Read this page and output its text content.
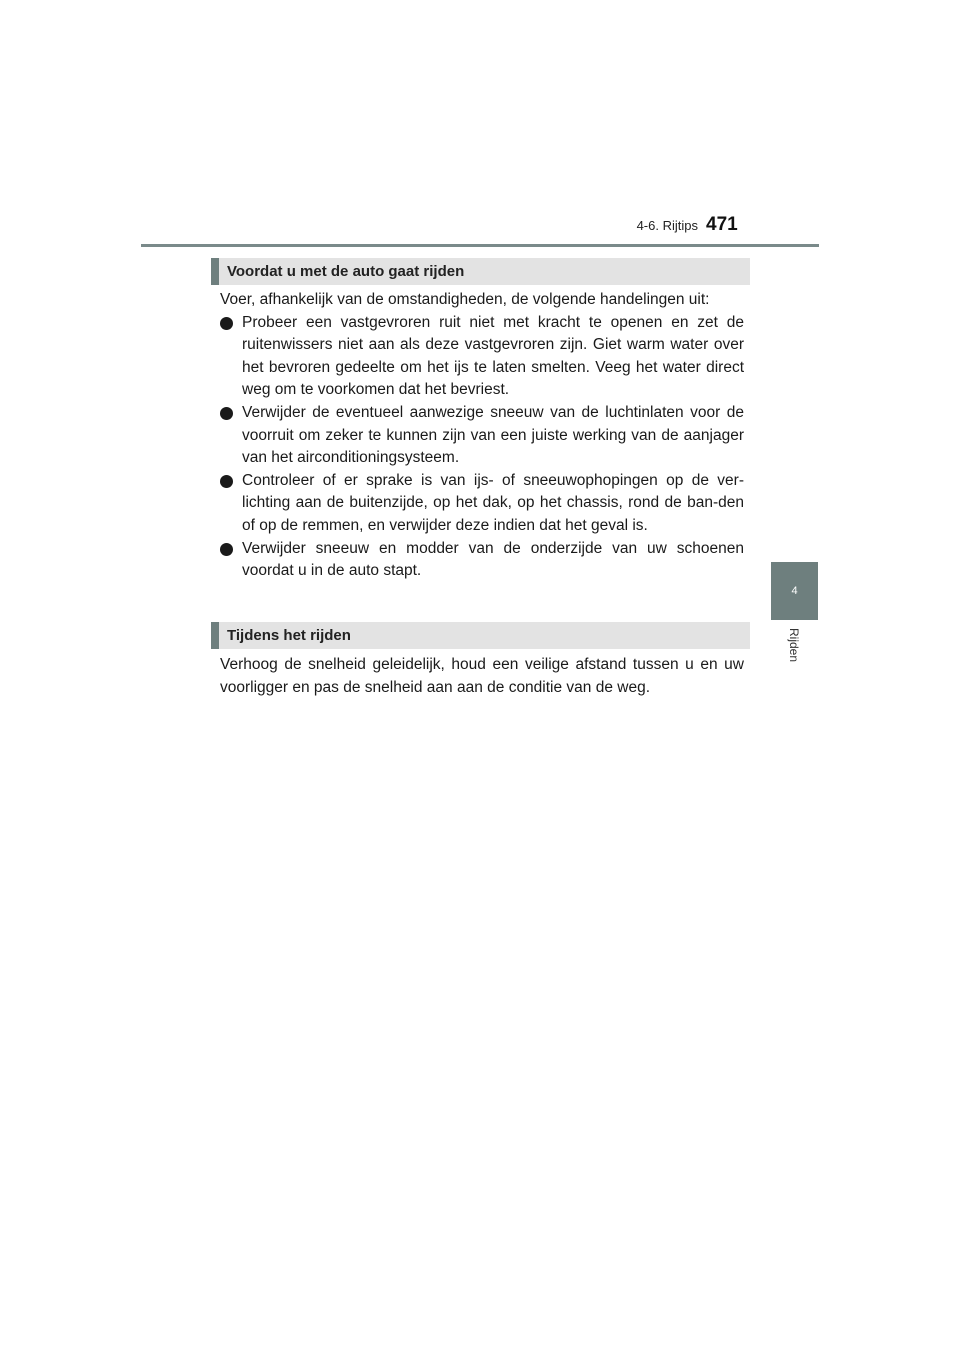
4-6. Rijtips 471
4
Rijden
Voordat u met de auto gaat rijden

Voer, afhankelijk van de omstandigheden, de volgende handelingen uit:

Probeer een vastgevroren ruit niet met kracht te openen en zet de ruitenwissers niet aan als deze vastgevroren zijn. Giet warm water over het bevroren gedeelte om het ijs te laten smelten. Veeg het water direct weg om te voorkomen dat het bevriest.
Verwijder de eventueel aanwezige sneeuw van de luchtinlaten voor de voorruit om zeker te kunnen zijn van een juiste werking van de aanjager van het airconditioningsysteem.
Controleer of er sprake is van ijs- of sneeuwophopingen op de ver-lichting aan de buitenzijde, op het dak, op het chassis, rond de ban-den of op de remmen, en verwijder deze indien dat het geval is.
Verwijder sneeuw en modder van de onderzijde van uw schoenen voordat u in de auto stapt.
Tijdens het rijden

Verhoog de snelheid geleidelijk, houd een veilige afstand tussen u en uw voorligger en pas de snelheid aan aan de conditie van de weg.
